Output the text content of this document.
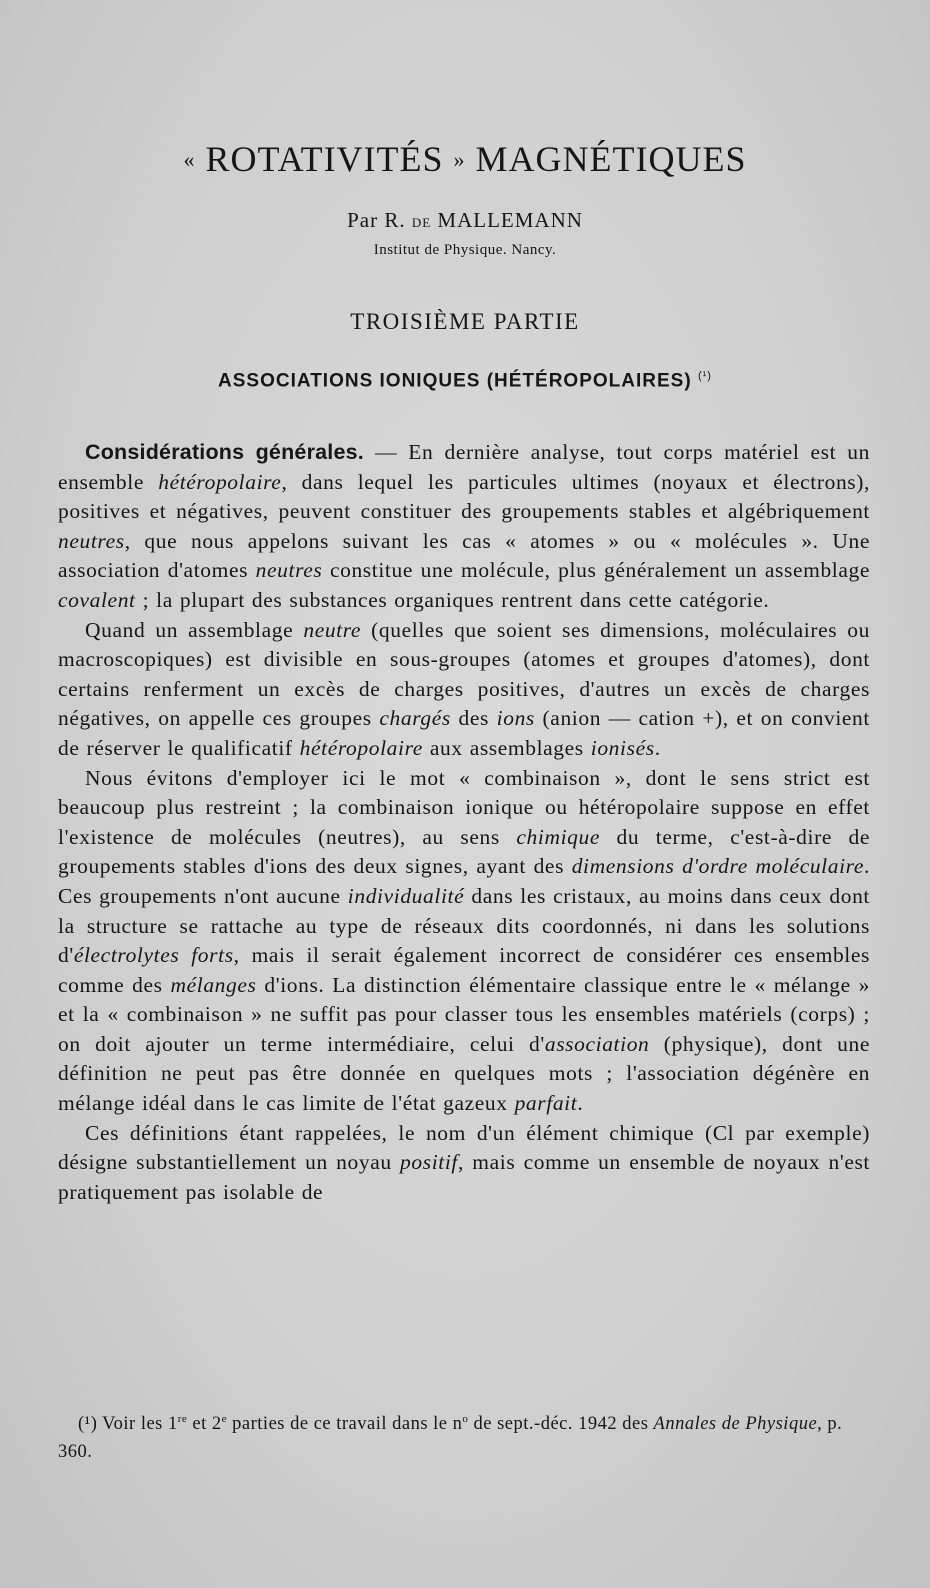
« ROTATIVITÉS » MAGNÉTIQUES
Par R. DE MALLEMANN
Institut de Physique. Nancy.
TROISIÈME PARTIE
ASSOCIATIONS IONIQUES (HÉTÉROPOLAIRES) $^{(^1)}$

Considérations générales. — En dernière analyse, tout corps matériel est un ensemble hétéropolaire, dans lequel les particules ultimes (noyaux et électrons), positives et négatives, peuvent constituer des groupements stables et algébriquement neutres, que nous appelons suivant les cas « atomes » ou « molécules ». Une association d'atomes neutres constitue une molécule, plus généralement un assemblage covalent ; la plupart des substances organiques rentrent dans cette catégorie.

Quand un assemblage neutre (quelles que soient ses dimensions, moléculaires ou macroscopiques) est divisible en sous-groupes (atomes et groupes d'atomes), dont certains renferment un excès de charges positives, d'autres un excès de charges négatives, on appelle ces groupes chargés des ions (anion — cation +), et on convient de réserver le qualificatif hétéropolaire aux assemblages ionisés.

Nous évitons d'employer ici le mot « combinaison », dont le sens strict est beaucoup plus restreint ; la combinaison ionique ou hétéropolaire suppose en effet l'existence de molécules (neutres), au sens chimique du terme, c'est-à-dire de groupements stables d'ions des deux signes, ayant des dimensions d'ordre moléculaire. Ces groupements n'ont aucune individualité dans les cristaux, au moins dans ceux dont la structure se rattache au type de réseaux dits coordonnés, ni dans les solutions d'électrolytes forts, mais il serait également incorrect de considérer ces ensembles comme des mélanges d'ions. La distinction élémentaire classique entre le « mélange » et la « combinaison » ne suffit pas pour classer tous les ensembles matériels (corps) ; on doit ajouter un terme intermédiaire, celui d'association (physique), dont une définition ne peut pas être donnée en quelques mots ; l'association dégénère en mélange idéal dans le cas limite de l'état gazeux parfait.

Ces définitions étant rappelées, le nom d'un élément chimique (Cl par exemple) désigne substantiellement un noyau positif, mais comme un ensemble de noyaux n'est pratiquement pas isolable de

(¹) Voir les 1re et 2e parties de ce travail dans le $n^o$ de sept.-déc. 1942 des Annales de Physique, p. 360.
